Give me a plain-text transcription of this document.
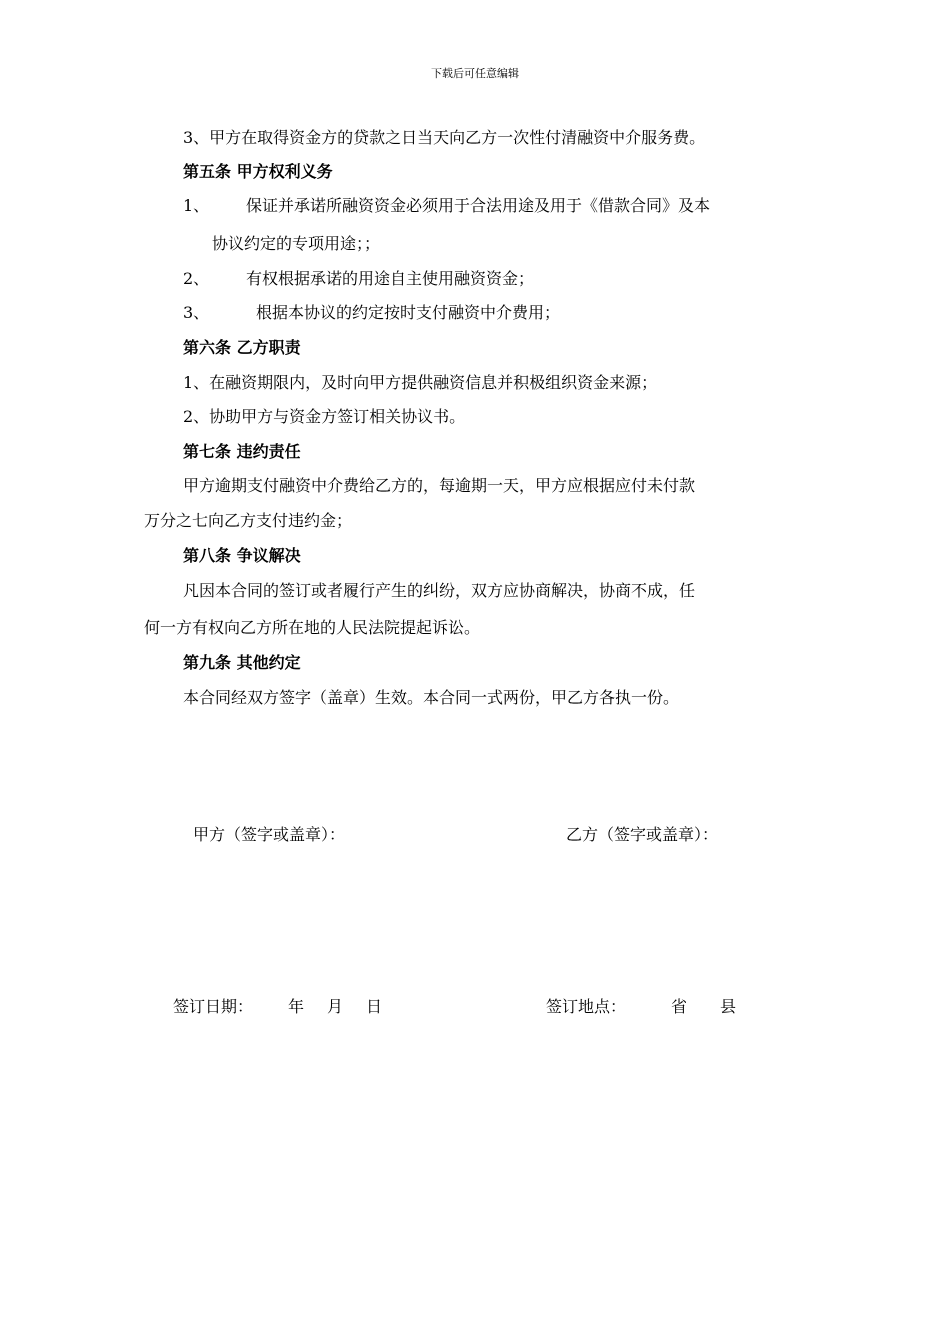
下载后可任意编辑
3、甲方在取得资金方的贷款之日当天向乙方一次性付清融资中介服务费。
第五条 甲方权利义务
1、 保证并承诺所融资资金必须用于合法用途及用于《借款合同》及本
协议约定的专项用途；；
2、 有权根据承诺的用途自主使用融资资金；
3、	根据本协议的约定按时支付融资中介费用；
第六条 乙方职责
1、在融资期限内，及时向甲方提供融资信息并积极组织资金来源；
2、协助甲方与资金方签订相关协议书。
第七条 违约责任
甲方逾期支付融资中介费给乙方的，每逾期一天，甲方应根据应付未付款
万分之七向乙方支付违约金；
第八条 争议解决
凡因本合同的签订或者履行产生的纠纷，双方应协商解决，协商不成，任
何一方有权向乙方所在地的人民法院提起诉讼。
第九条 其他约定
本合同经双方签字（盖章）生效。本合同一式两份，甲乙方各执一份。
甲方（签字或盖章）：	乙方（签字或盖章）：
签订日期： 年 月 日	签订地点：	省 县
